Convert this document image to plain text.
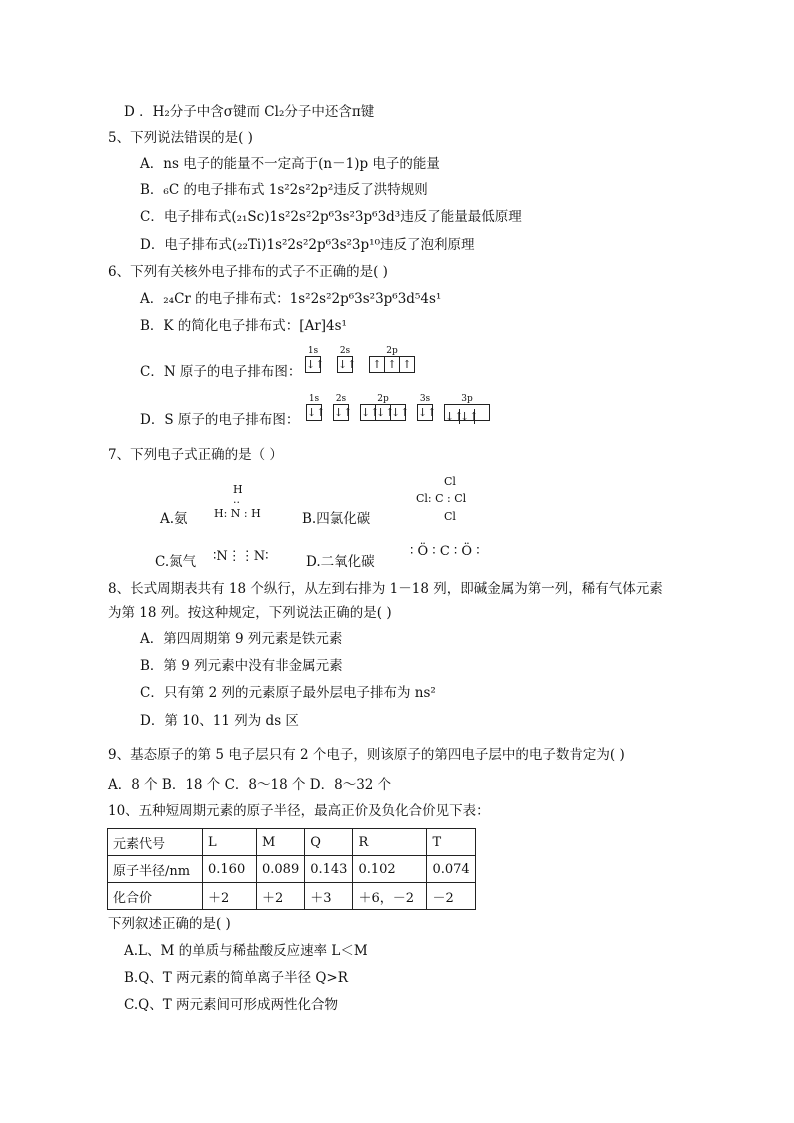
D ．H₂分子中含σ键而 Cl₂分子中还含π键
5、下列说法错误的是( )
A．ns 电子的能量不一定高于(n－1)p 电子的能量
B．₆C 的电子排布式 1s²2s²2p²违反了洪特规则
C．电子排布式(₂₁Sc)1s²2s²2p⁶3s²3p⁶3d³违反了能量最低原理
D．电子排布式(₂₂Ti)1s²2s²2p⁶3s²3p¹⁰违反了泡利原理
6、下列有关核外电子排布的式子不正确的是( )
A．₂₄Cr 的电子排布式：1s²2s²2p⁶3s²3p⁶3d⁵4s¹
B．K 的简化电子排布式：[Ar]4s¹
C．N 原子的电子排布图：
1s
↓↑
2s
↓↑
2p
↑ ↑ ↑
D．S 原子的电子排布图：
1s
↓↑
2s
↓↑
2p
↓↑↓↑↓↑
3s
↓↑
3p
↓↑↓↑
7、下列电子式正确的是（ ）
A.氨
H
··
H: N : H	B.四氯化碳
Cl
Cl: C : Cl
Cl
C.氮气 ∶N⋮⋮N∶	D.二氧化碳
∶ Ö ∶ C ∶ Ö ∶
8、长式周期表共有 18 个纵行，从左到右排为 1－18 列，即碱金属为第一列，稀有气体元素
为第 18 列。按这种规定，下列说法正确的是( )
A．第四周期第 9 列元素是铁元素
B．第 9 列元素中没有非金属元素
C．只有第 2 列的元素原子最外层电子排布为 ns²
D．第 10、11 列为 ds 区
9、基态原子的第 5 电子层只有 2 个电子，则该原子的第四电子层中的电子数肯定为( )
A．8 个 B．18 个 C．8～18 个 D．8～32 个
10、五种短周期元素的原子半径，最高正价及负化合价见下表：
元素代号	L	M	Q	R	T
原子半径/nm	0.160	0.089	0.143	0.102	0.074
化合价	＋2	＋2	＋3	＋6，－2	－2
下列叙述正确的是( )
A.L、M 的单质与稀盐酸反应速率 L＜M
B.Q、T 两元素的简单离子半径 Q>R
C.Q、T 两元素间可形成两性化合物
